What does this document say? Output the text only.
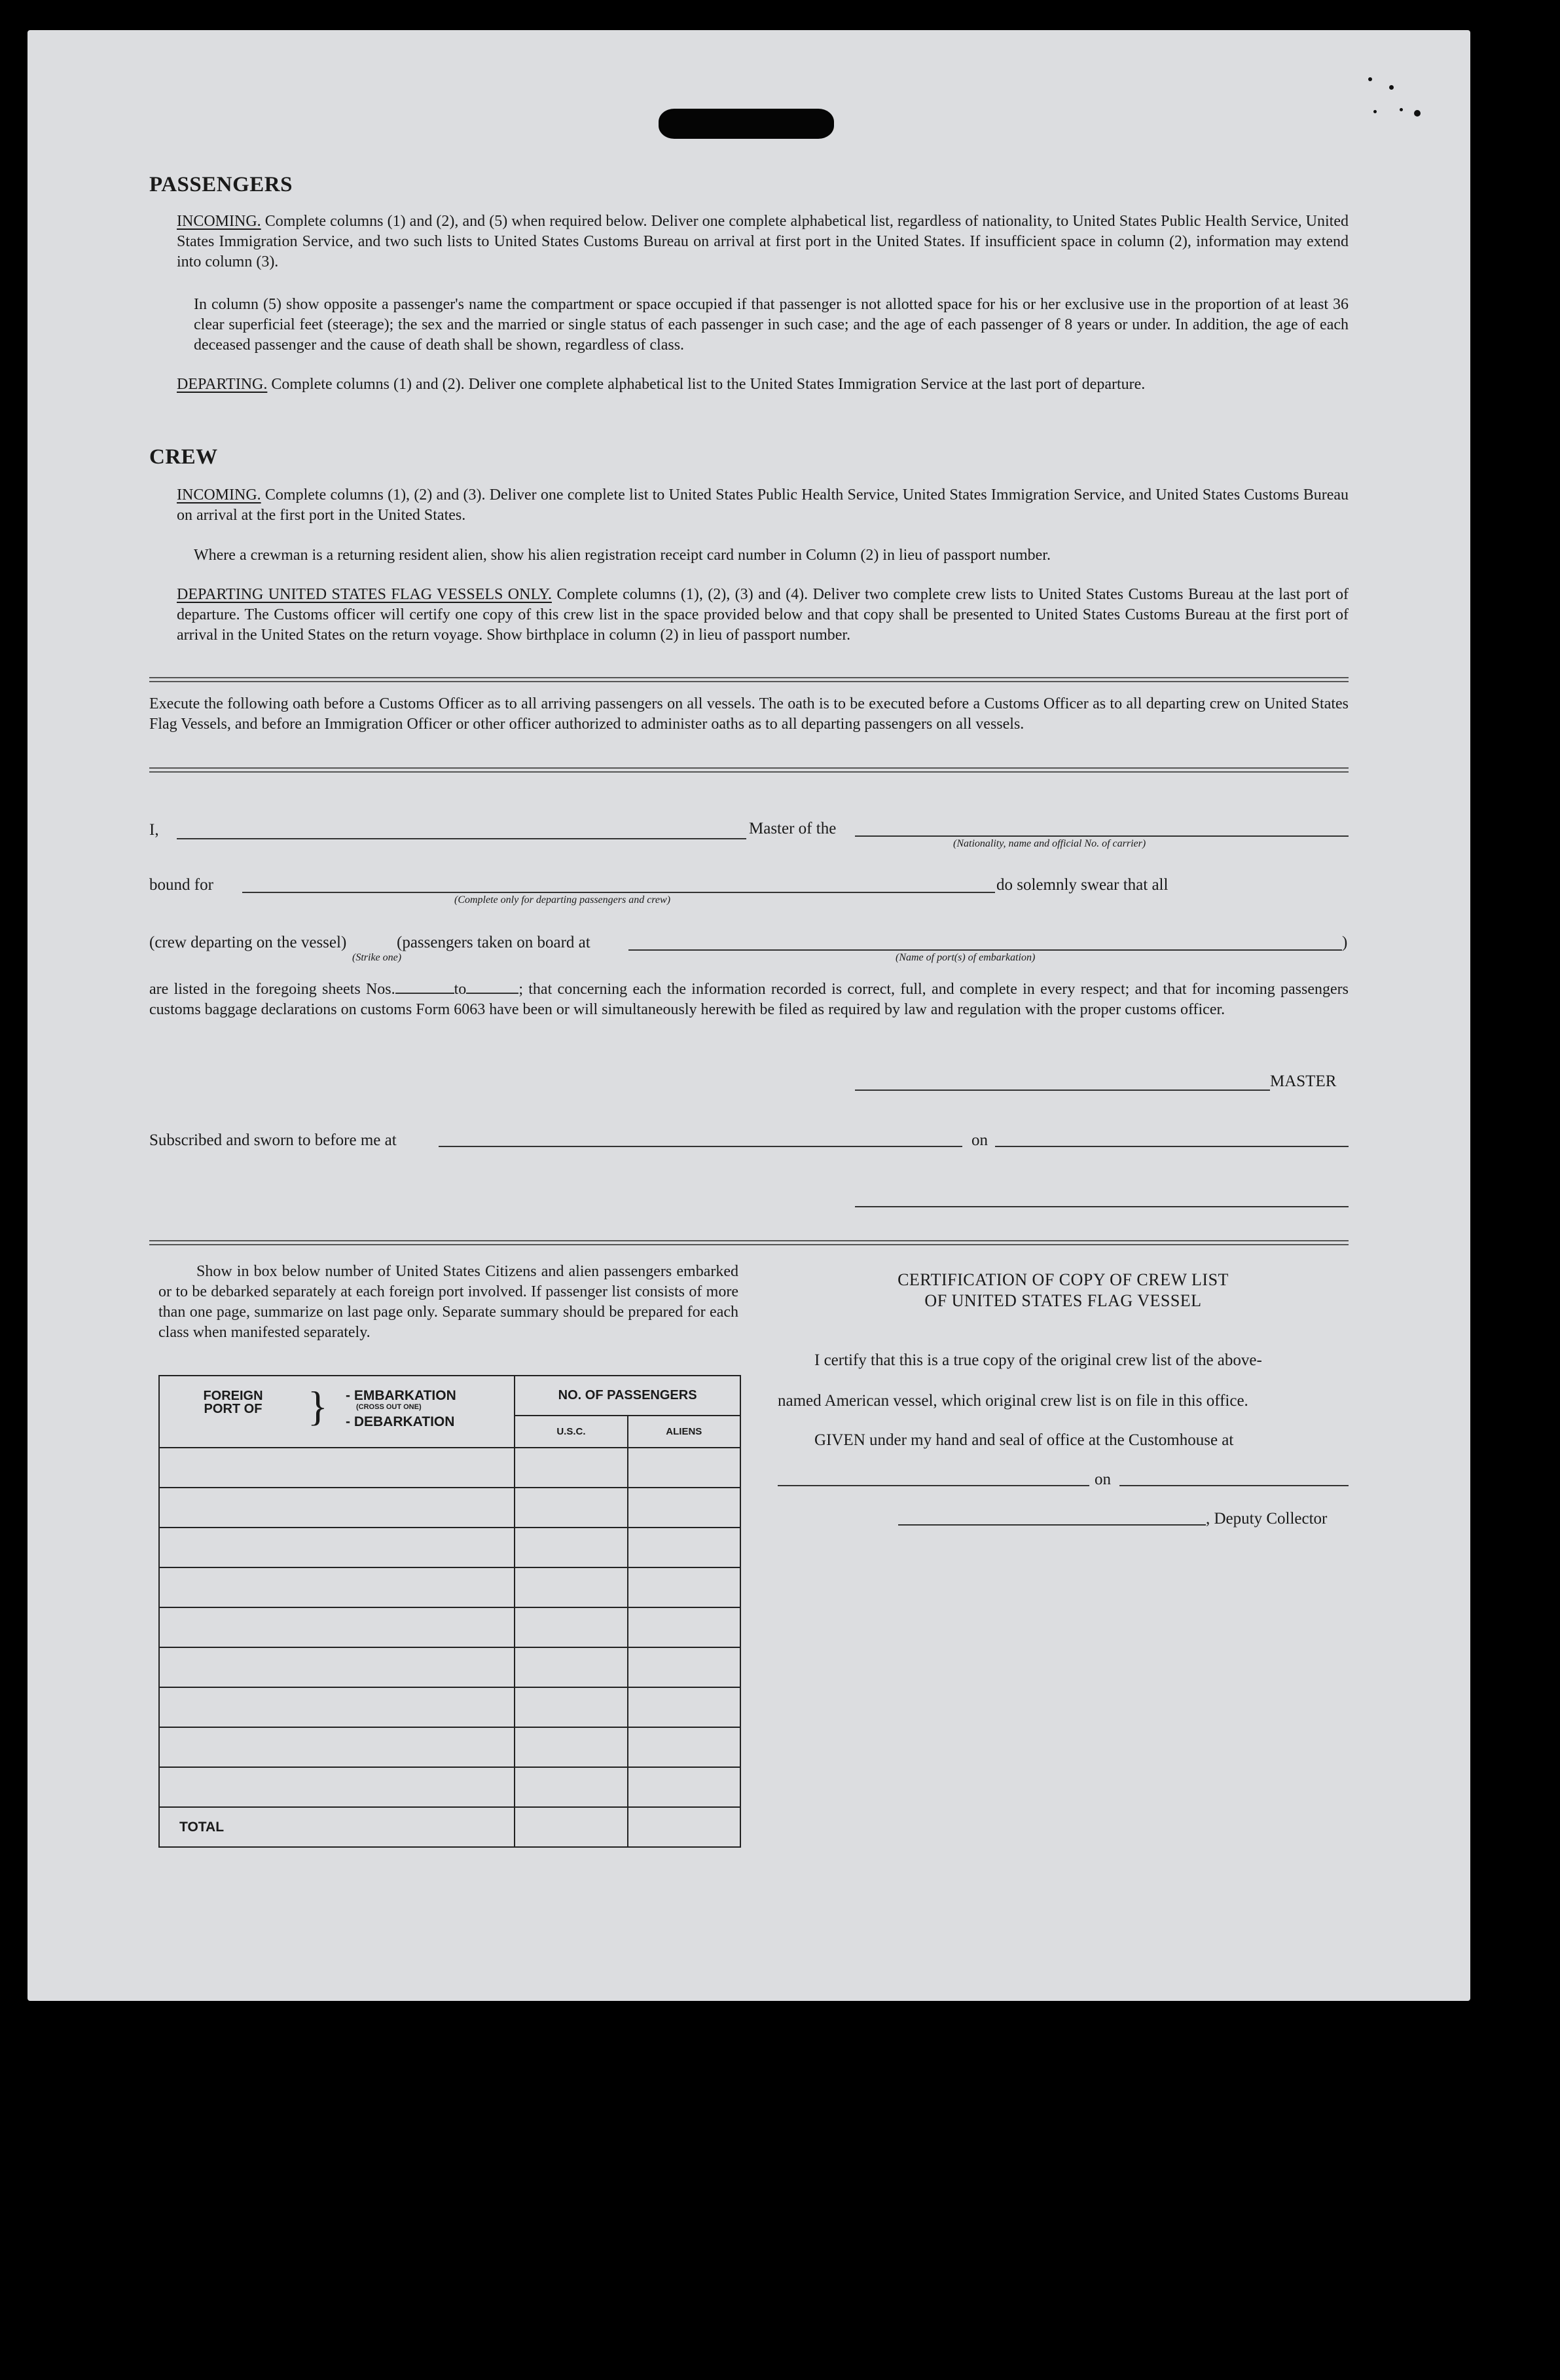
PASSENGERS

INCOMING. Complete columns (1) and (2), and (5) when required below. Deliver one complete alphabetical list, regardless of nationality, to United States Public Health Service, United States Immigration Service, and two such lists to United States Customs Bureau on arrival at first port in the United States. If insufficient space in column (2), information may extend into column (3).

In column (5) show opposite a passenger's name the compartment or space occupied if that passenger is not allotted space for his or her exclusive use in the proportion of at least 36 clear superficial feet (steerage); the sex and the married or single status of each passenger in such case; and the age of each passenger of 8 years or under. In addition, the age of each deceased passenger and the cause of death shall be shown, regardless of class.

DEPARTING. Complete columns (1) and (2). Deliver one complete alphabetical list to the United States Immigration Service at the last port of departure.

CREW

INCOMING. Complete columns (1), (2) and (3). Deliver one complete list to United States Public Health Service, United States Immigration Service, and United States Customs Bureau on arrival at the first port in the United States.

Where a crewman is a returning resident alien, show his alien registration receipt card number in Column (2) in lieu of passport number.

DEPARTING UNITED STATES FLAG VESSELS ONLY. Complete columns (1), (2), (3) and (4). Deliver two complete crew lists to United States Customs Bureau at the last port of departure. The Customs officer will certify one copy of this crew list in the space provided below and that copy shall be presented to United States Customs Bureau at the first port of arrival in the United States on the return voyage. Show birthplace in column (2) in lieu of passport number.

Execute the following oath before a Customs Officer as to all arriving passengers on all vessels. The oath is to be executed before a Customs Officer as to all departing crew on United States Flag Vessels, and before an Immigration Officer or other officer authorized to administer oaths as to all departing passengers on all vessels.

I,	Master of the
(Nationality, name and official No. of carrier)
bound for
(Complete only for departing passengers and crew)
do solemnly swear that all
(crew departing on the vessel)	(passengers taken on board at
(Strike one)	(Name of port(s) of embarkation)
)

are listed in the foregoing sheets Nos.	to	; that concerning each the information recorded is correct, full, and complete in every respect; and that for incoming passengers customs baggage declarations on customs Form 6063 have been or will simultaneously herewith be filed as required by law and regulation with the proper customs officer.

MASTER
Subscribed and sworn to before me at	on

Show in box below number of United States Citizens and alien passengers embarked or to be debarked separately at each foreign port involved. If passenger list consists of more than one page, summarize on last page only. Separate summary should be prepared for each class when manifested separately.

FOREIGN PORT OF } - EMBARKATION
(CROSS OUT ONE)
- DEBARKATION	NO. OF PASSENGERS	
	U.S.C.	ALIENS

TOTAL		
CERTIFICATION OF COPY OF CREW LIST
OF UNITED STATES FLAG VESSEL
I certify that this is a true copy of the original crew list of the above-
named American vessel, which original crew list is on file in this office.
GIVEN under my hand and seal of office at the Customhouse at
on
, Deputy Collector
